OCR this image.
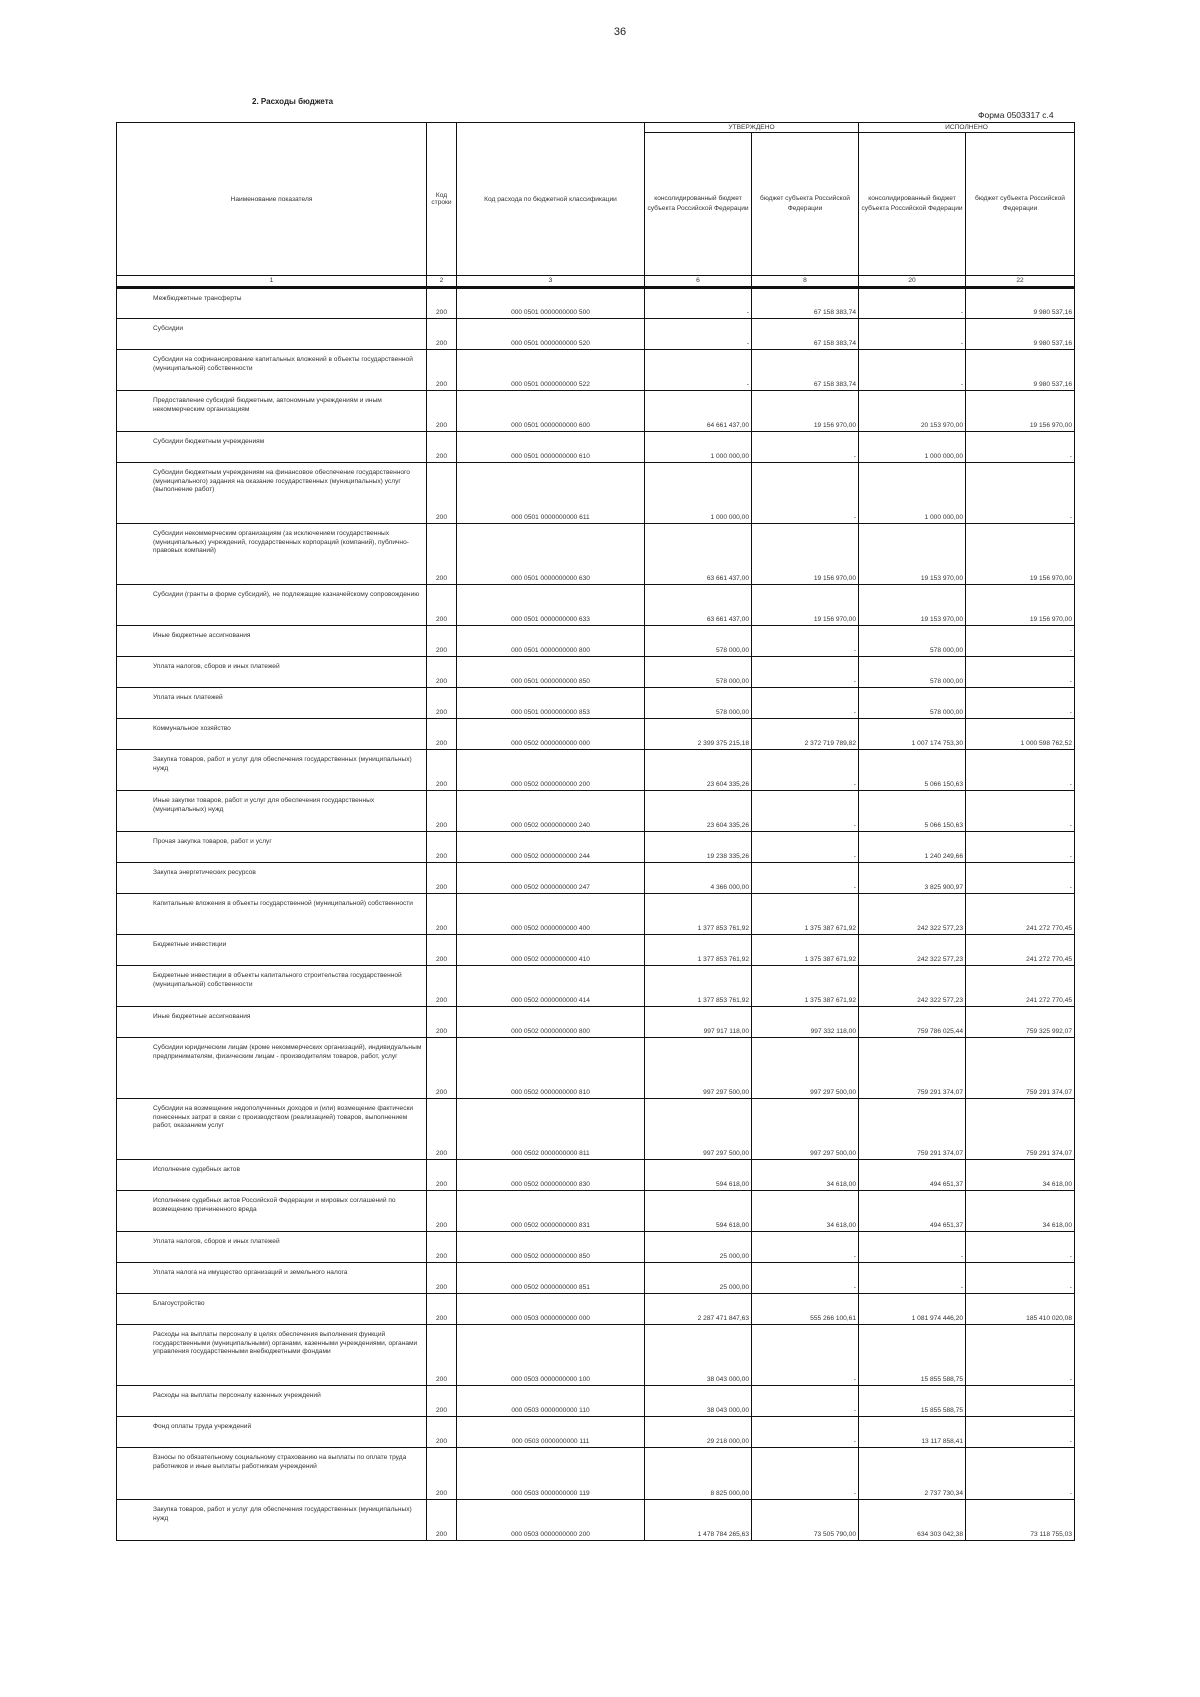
36
2. Расходы бюджета
Форма 0503317 с.4
Наименование показателя	Код строки	Код расхода по бюджетной классификации	УТВЕРЖДЕНО		ИСПОЛНЕНО	
			консолидированный бюджет субъекта Российской Федерации	бюджет субъекта Российской Федерации	консолидированный бюджет субъекта Российской Федерации	бюджет субъекта Российской Федерации
1	2	3	6	8	20	22
Межбюджетные трансферты	200	000 0501 0000000000 500	-	67 158 383,74	-	9 980 537,16
Субсидии	200	000 0501 0000000000 520	-	67 158 383,74	-	9 980 537,16
Субсидии на софинансирование капитальных вложений в объекты государственной (муниципальной) собственности	200	000 0501 0000000000 522	-	67 158 383,74	-	9 980 537,16
Предоставление субсидий бюджетным, автономным учреждениям и иным некоммерческим организациям	200	000 0501 0000000000 600	64 661 437,00	19 156 970,00	20 153 970,00	19 156 970,00
Субсидии бюджетным учреждениям	200	000 0501 0000000000 610	1 000 000,00	-	1 000 000,00	-
Субсидии бюджетным учреждениям на финансовое обеспечение государственного (муниципального) задания на оказание государственных (муниципальных) услуг (выполнение работ)	200	000 0501 0000000000 611	1 000 000,00	-	1 000 000,00	-
Субсидии некоммерческим организациям (за исключением государственных (муниципальных) учреждений, государственных корпораций (компаний), публично-правовых компаний)	200	000 0501 0000000000 630	63 661 437,00	19 156 970,00	19 153 970,00	19 156 970,00
Субсидии (гранты в форме субсидий), не подлежащие казначейскому сопровождению	200	000 0501 0000000000 633	63 661 437,00	19 156 970,00	19 153 970,00	19 156 970,00
Иные бюджетные ассигнования	200	000 0501 0000000000 800	578 000,00	-	578 000,00	-
Уплата налогов, сборов и иных платежей	200	000 0501 0000000000 850	578 000,00	-	578 000,00	-
Уплата иных платежей	200	000 0501 0000000000 853	578 000,00	-	578 000,00	-
Коммунальное хозяйство	200	000 0502 0000000000 000	2 399 375 215,18	2 372 719 789,82	1 007 174 753,30	1 000 598 762,52
Закупка товаров, работ и услуг для обеспечения государственных (муниципальных) нужд	200	000 0502 0000000000 200	23 604 335,26	-	5 066 150,63	-
Иные закупки товаров, работ и услуг для обеспечения государственных (муниципальных) нужд	200	000 0502 0000000000 240	23 604 335,26	-	5 066 150,63	-
Прочая закупка товаров, работ и услуг	200	000 0502 0000000000 244	19 238 335,26	-	1 240 249,66	-
Закупка энергетических ресурсов	200	000 0502 0000000000 247	4 366 000,00	-	3 825 900,97	-
Капитальные вложения в объекты государственной (муниципальной) собственности	200	000 0502 0000000000 400	1 377 853 761,92	1 375 387 671,92	242 322 577,23	241 272 770,45
Бюджетные инвестиции	200	000 0502 0000000000 410	1 377 853 761,92	1 375 387 671,92	242 322 577,23	241 272 770,45
Бюджетные инвестиции в объекты капитального строительства государственной (муниципальной) собственности	200	000 0502 0000000000 414	1 377 853 761,92	1 375 387 671,92	242 322 577,23	241 272 770,45
Иные бюджетные ассигнования	200	000 0502 0000000000 800	997 917 118,00	997 332 118,00	759 786 025,44	759 325 992,07
Субсидии юридическим лицам (кроме некоммерческих организаций), индивидуальным предпринимателям, физическим лицам - производителям товаров, работ, услуг	200	000 0502 0000000000 810	997 297 500,00	997 297 500,00	759 291 374,07	759 291 374,07
Субсидии на возмещение недополученных доходов и (или) возмещение фактически понесенных затрат в связи с производством (реализацией) товаров, выполнением работ, оказанием услуг	200	000 0502 0000000000 811	997 297 500,00	997 297 500,00	759 291 374,07	759 291 374,07
Исполнение судебных актов	200	000 0502 0000000000 830	594 618,00	34 618,00	494 651,37	34 618,00
Исполнение судебных актов Российской Федерации и мировых соглашений по возмещению причиненного вреда	200	000 0502 0000000000 831	594 618,00	34 618,00	494 651,37	34 618,00
Уплата налогов, сборов и иных платежей	200	000 0502 0000000000 850	25 000,00	-	-	-
Уплата налога на имущество организаций и земельного налога	200	000 0502 0000000000 851	25 000,00	-	-	-
Благоустройство	200	000 0503 0000000000 000	2 287 471 847,63	555 266 100,61	1 081 974 446,20	185 410 020,08
Расходы на выплаты персоналу в целях обеспечения выполнения функций государственными (муниципальными) органами, казенными учреждениями, органами управления государственными внебюджетными фондами	200	000 0503 0000000000 100	38 043 000,00	-	15 855 588,75	-
Расходы на выплаты персоналу казенных учреждений	200	000 0503 0000000000 110	38 043 000,00	-	15 855 588,75	-
Фонд оплаты труда учреждений	200	000 0503 0000000000 111	29 218 000,00	-	13 117 858,41	-
Взносы по обязательному социальному страхованию на выплаты по оплате труда работников и иные выплаты работникам учреждений	200	000 0503 0000000000 119	8 825 000,00	-	2 737 730,34	-
Закупка товаров, работ и услуг для обеспечения государственных (муниципальных) нужд	200	000 0503 0000000000 200	1 478 784 265,63	73 505 790,00	634 303 042,38	73 118 755,03
